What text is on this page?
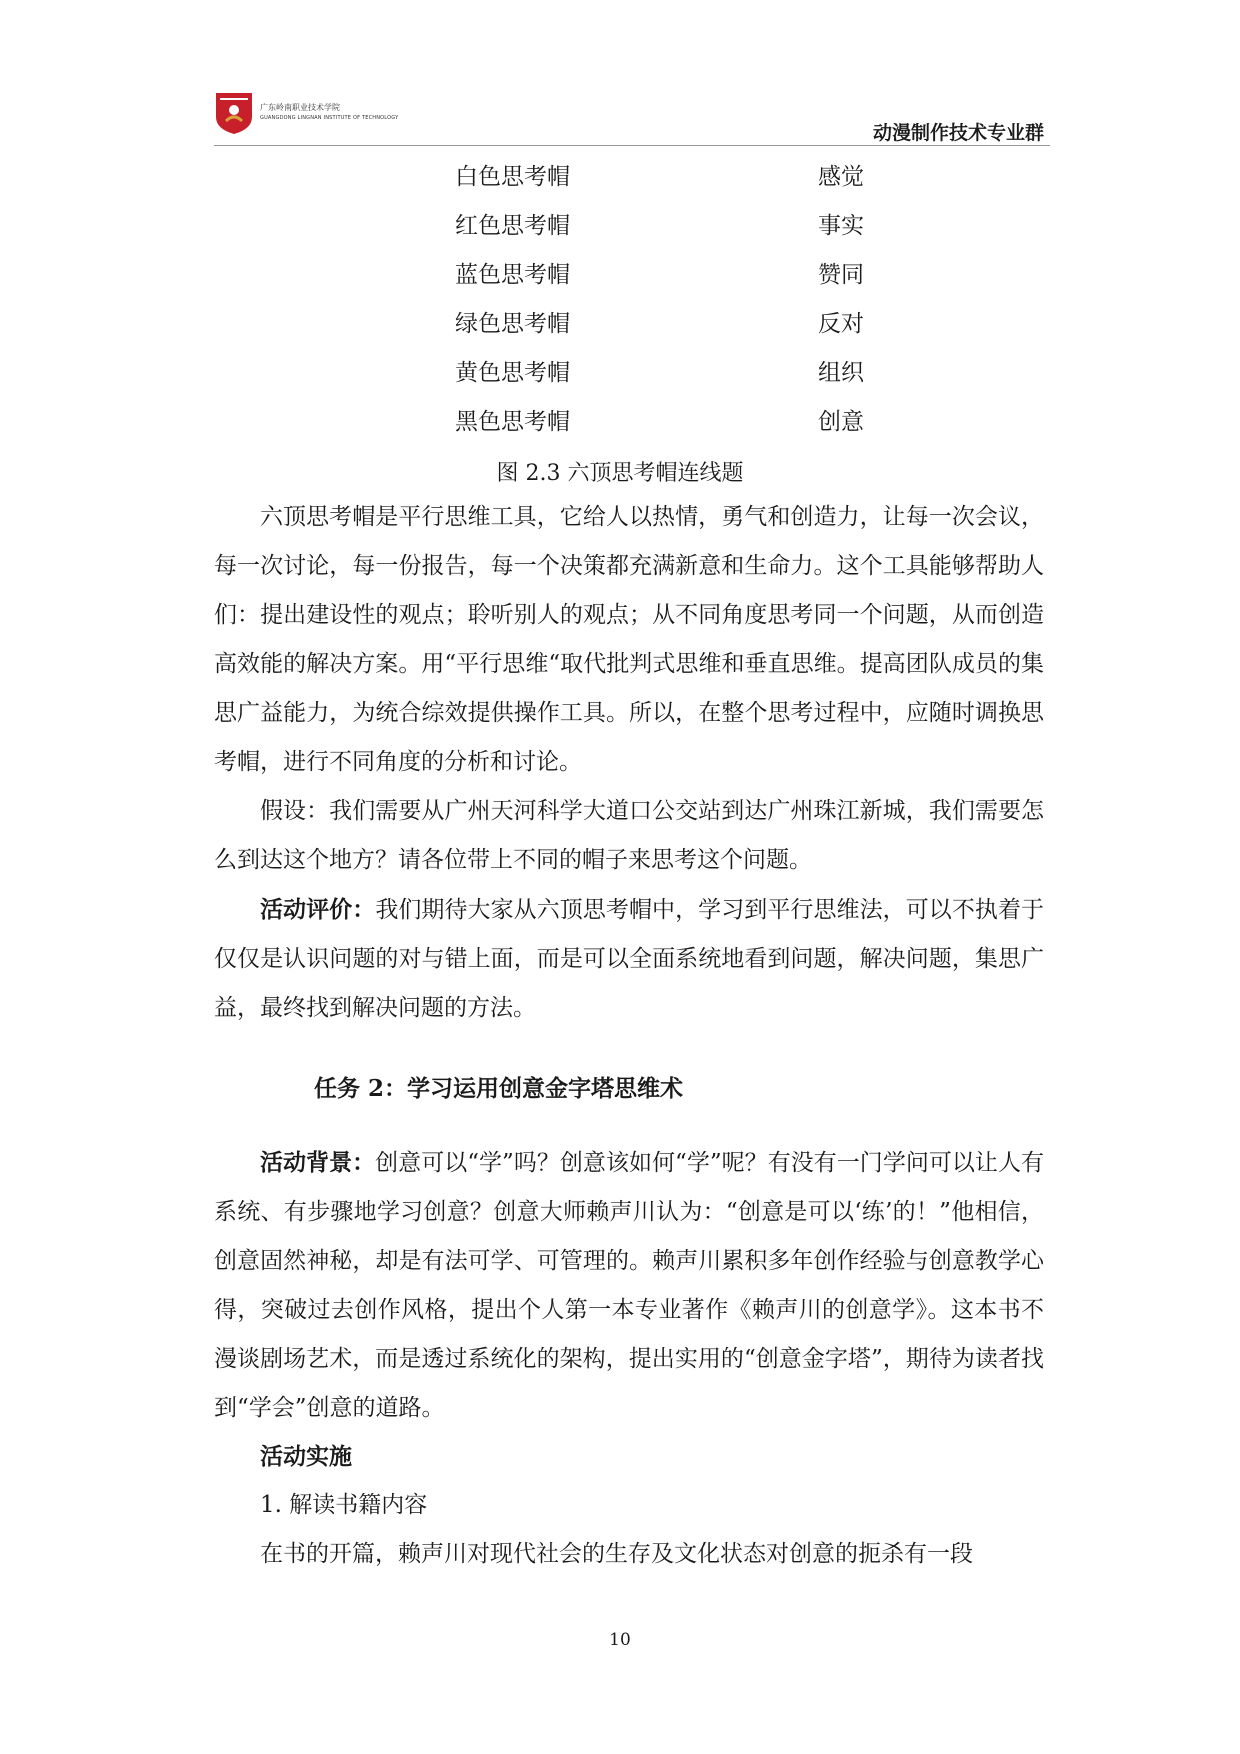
广东岭南职业技术学院
GUANGDONG LINGNAN INSTITUTE OF TECHNOLOGY
动漫制作技术专业群
白色思考帽	感觉
红色思考帽	事实
蓝色思考帽	赞同
绿色思考帽	反对
黄色思考帽	组织
黑色思考帽	创意
图 2.3 六顶思考帽连线题

六顶思考帽是平行思维工具，它给人以热情，勇气和创造力，让每一次会议，每一次讨论，每一份报告，每一个决策都充满新意和生命力。这个工具能够帮助人们：提出建设性的观点；聆听别人的观点；从不同角度思考同一个问题，从而创造高效能的解决方案。用“平行思维“取代批判式思维和垂直思维。提高团队成员的集思广益能力，为统合综效提供操作工具。所以，在整个思考过程中，应随时调换思考帽，进行不同角度的分析和讨论。

假设：我们需要从广州天河科学大道口公交站到达广州珠江新城，我们需要怎么到达这个地方？请各位带上不同的帽子来思考这个问题。

活动评价：我们期待大家从六顶思考帽中，学习到平行思维法，可以不执着于仅仅是认识问题的对与错上面，而是可以全面系统地看到问题，解决问题，集思广益，最终找到解决问题的方法。

任务 2：学习运用创意金字塔思维术

活动背景：创意可以“学”吗？创意该如何“学”呢？有没有一门学问可以让人有系统、有步骤地学习创意？创意大师赖声川认为：“创意是可以‘练’的！”他相信，创意固然神秘，却是有法可学、可管理的。赖声川累积多年创作经验与创意教学心得，突破过去创作风格，提出个人第一本专业著作《赖声川的创意学》。这本书不漫谈剧场艺术，而是透过系统化的架构，提出实用的“创意金字塔”，期待为读者找到“学会”创意的道路。

活动实施

1. 解读书籍内容

在书的开篇，赖声川对现代社会的生存及文化状态对创意的扼杀有一段

10
